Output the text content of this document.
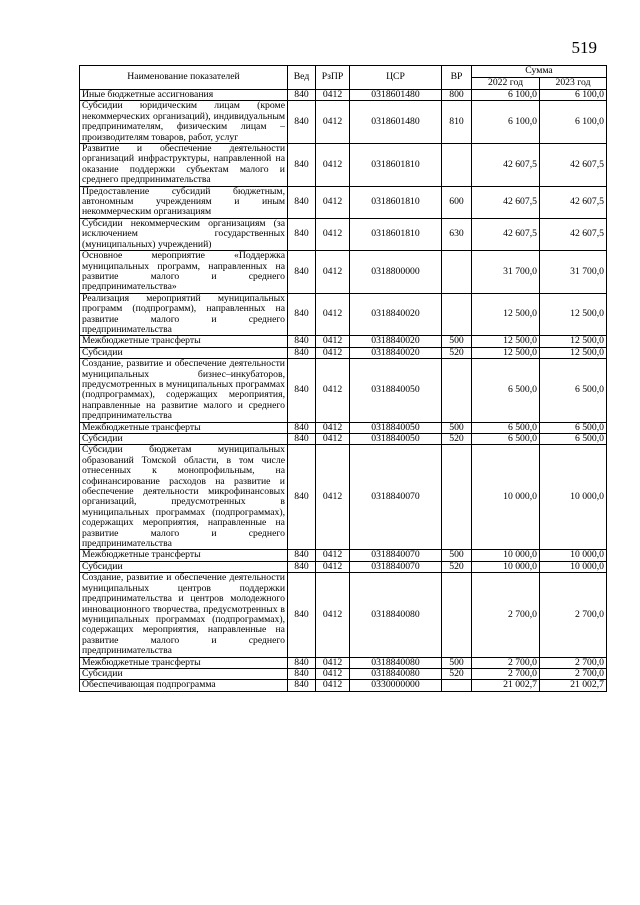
519
Наименование показателей	Вед	РзПР	ЦСР	ВР	Сумма	
					2022 год	2023 год
Иные бюджетные ассигнования	840	0412	0318601480	800	6 100,0	6 100,0
Субсидии юридическим лицам (кроме некоммерческих организаций), индивидуальным предпринимателям, физическим лицам – производителям товаров, работ, услуг	840	0412	0318601480	810	6 100,0	6 100,0
Развитие и обеспечение деятельности организаций инфраструктуры, направленной на оказание поддержки субъектам малого и среднего предпринимательства	840	0412	0318601810		42 607,5	42 607,5
Предоставление субсидий бюджетным, автономным учреждениям и иным некоммерческим организациям	840	0412	0318601810	600	42 607,5	42 607,5
Субсидии некоммерческим организациям (за исключением государственных (муниципальных) учреждений)	840	0412	0318601810	630	42 607,5	42 607,5
Основное мероприятие «Поддержка муниципальных программ, направленных на развитие малого и среднего предпринимательства»	840	0412	0318800000		31 700,0	31 700,0
Реализация мероприятий муниципальных программ (подпрограмм), направленных на развитие малого и среднего предпринимательства	840	0412	0318840020		12 500,0	12 500,0
Межбюджетные трансферты	840	0412	0318840020	500	12 500,0	12 500,0
Субсидии	840	0412	0318840020	520	12 500,0	12 500,0
Создание, развитие и обеспечение деятельности муниципальных бизнес–инкубаторов, предусмотренных в муниципальных программах (подпрограммах), содержащих мероприятия, направленные на развитие малого и среднего предпринимательства	840	0412	0318840050		6 500,0	6 500,0
Межбюджетные трансферты	840	0412	0318840050	500	6 500,0	6 500,0
Субсидии	840	0412	0318840050	520	6 500,0	6 500,0
Субсидии бюджетам муниципальных образований Томской области, в том числе отнесенных к монопрофильным, на софинансирование расходов на развитие и обеспечение деятельности микрофинансовых организаций, предусмотренных в муниципальных программах (подпрограммах), содержащих мероприятия, направленные на развитие малого и среднего предпринимательства	840	0412	0318840070		10 000,0	10 000,0
Межбюджетные трансферты	840	0412	0318840070	500	10 000,0	10 000,0
Субсидии	840	0412	0318840070	520	10 000,0	10 000,0
Создание, развитие и обеспечение деятельности муниципальных центров поддержки предпринимательства и центров молодежного инновационного творчества, предусмотренных в муниципальных программах (подпрограммах), содержащих мероприятия, направленные на развитие малого и среднего предпринимательства	840	0412	0318840080		2 700,0	2 700,0
Межбюджетные трансферты	840	0412	0318840080	500	2 700,0	2 700,0
Субсидии	840	0412	0318840080	520	2 700,0	2 700,0
Обеспечивающая подпрограмма	840	0412	0330000000		21 002,7	21 002,7
